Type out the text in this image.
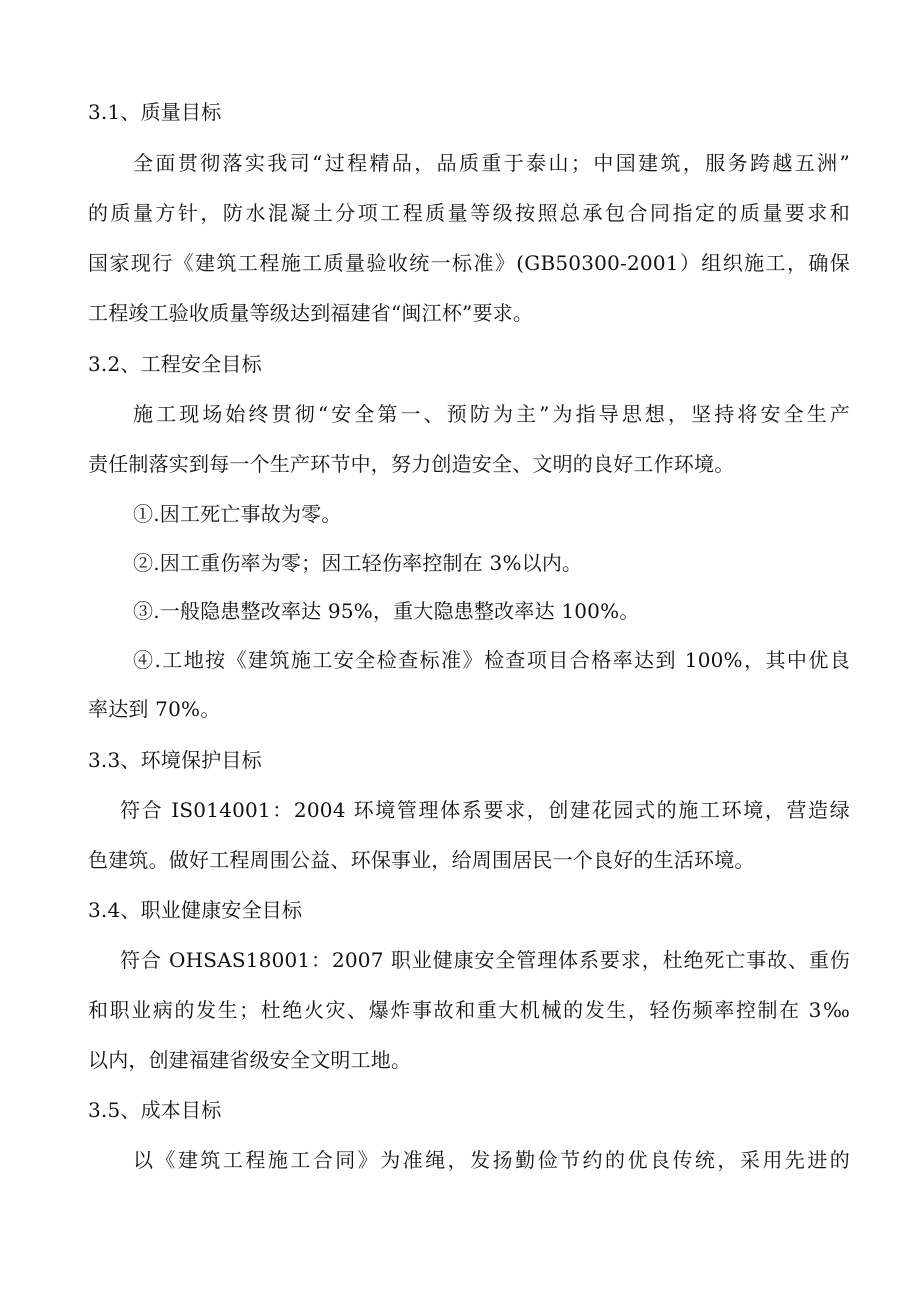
3.1、质量目标
全面贯彻落实我司“过程精品，品质重于泰山；中国建筑，服务跨越五洲”
的质量方针，防水混凝土分项工程质量等级按照总承包合同指定的质量要求和
国家现行《建筑工程施工质量验收统一标准》(GB50300-2001）组织施工，确保
工程竣工验收质量等级达到福建省“闽江杯”要求。
3.2、工程安全目标
施工现场始终贯彻“安全第一、预防为主”为指导思想，坚持将安全生产
责任制落实到每一个生产环节中，努力创造安全、文明的良好工作环境。
①.因工死亡事故为零。
②.因工重伤率为零；因工轻伤率控制在 3%以内。
③.一般隐患整改率达 95%，重大隐患整改率达 100%。
④.工地按《建筑施工安全检查标准》检查项目合格率达到 100%，其中优良
率达到 70%。
3.3、环境保护目标
符合 IS014001：2004 环境管理体系要求，创建花园式的施工环境，营造绿
色建筑。做好工程周围公益、环保事业，给周围居民一个良好的生活环境。
3.4、职业健康安全目标
符合 OHSAS18001：2007 职业健康安全管理体系要求，杜绝死亡事故、重伤
和职业病的发生；杜绝火灾、爆炸事故和重大机械的发生，轻伤频率控制在 3‰
以内，创建福建省级安全文明工地。
3.5、成本目标
以《建筑工程施工合同》为准绳，发扬勤俭节约的优良传统，采用先进的
